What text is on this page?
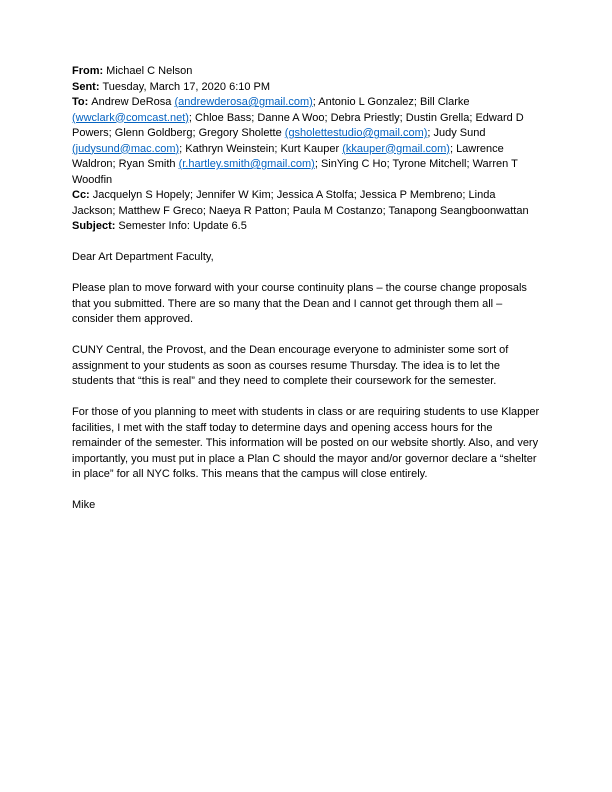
From: Michael C Nelson

Sent: Tuesday, March 17, 2020 6:10 PM

To: Andrew DeRosa (andrewderosa@gmail.com); Antonio L Gonzalez; Bill Clarke (wwclark@comcast.net); Chloe Bass; Danne A Woo; Debra Priestly; Dustin Grella; Edward D Powers; Glenn Goldberg; Gregory Sholette (gsholettestudio@gmail.com); Judy Sund (judysund@mac.com); Kathryn Weinstein; Kurt Kauper (kkauper@gmail.com); Lawrence Waldron; Ryan Smith (r.hartley.smith@gmail.com); SinYing C Ho; Tyrone Mitchell; Warren T Woodfin

Cc: Jacquelyn S Hopely; Jennifer W Kim; Jessica A Stolfa; Jessica P Membreno; Linda Jackson; Matthew F Greco; Naeya R Patton; Paula M Costanzo; Tanapong Seangboonwattan

Subject: Semester Info: Update 6.5

Dear Art Department Faculty,

Please plan to move forward with your course continuity plans – the course change proposals that you submitted. There are so many that the Dean and I cannot get through them all – consider them approved.

CUNY Central, the Provost, and the Dean encourage everyone to administer some sort of assignment to your students as soon as courses resume Thursday. The idea is to let the students that “this is real” and they need to complete their coursework for the semester.

For those of you planning to meet with students in class or are requiring students to use Klapper facilities, I met with the staff today to determine days and opening access hours for the remainder of the semester. This information will be posted on our website shortly. Also, and very importantly, you must put in place a Plan C should the mayor and/or governor declare a “shelter in place” for all NYC folks. This means that the campus will close entirely.

Mike
